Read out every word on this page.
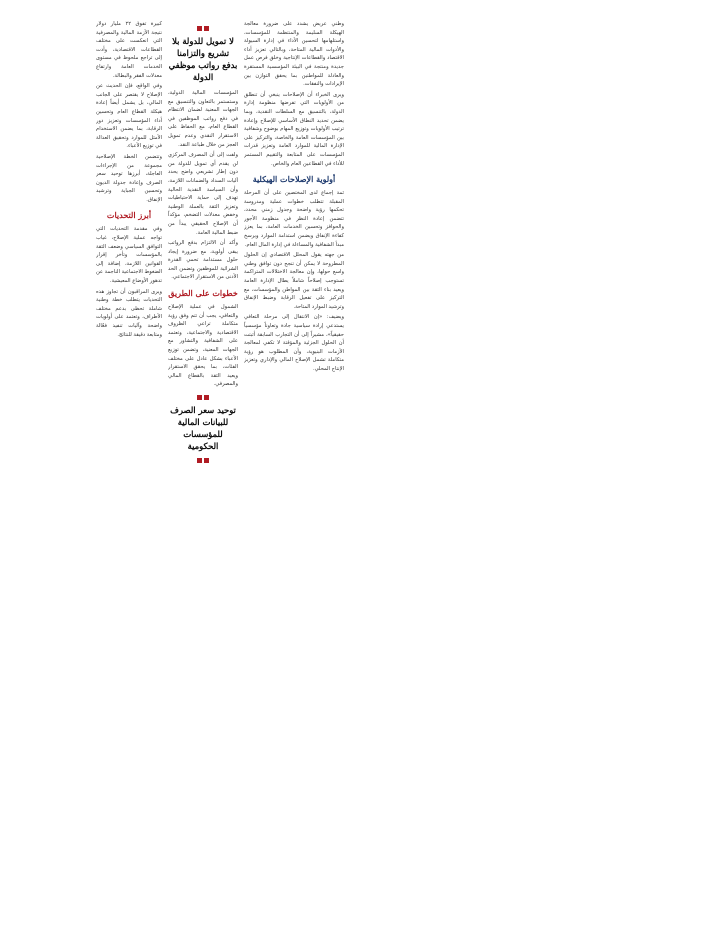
وطني عريض يشدد على ضرورة معالجة الهيكلة السليمة والمنتظمة للمؤسسات، واستلهامها لتحسين الأداء في إدارة السيولة والأدوات المالية المتاحة، وبالتالي تعزيز أداء الاقتصاد والقطاعات الإنتاجية وخلق فرص عمل جديدة ومنتجة في البيئة المؤسسية المستقرة والعادلة للمواطنين بما يحقق التوازن بين الإيرادات والنفقات.

ويرى الخبراء أن الإصلاحات ينبغي أن تنطلق من الأولويات التي تفرضها منظومة إدارة الدولة، بالتنسيق مع السلطات النقدية، وبما يضمن تحديد النطاق الأساسي للإصلاح وإعادة ترتيب الأولويات وتوزيع المهام بوضوح وشفافية بين المؤسسات العامة والخاصة، والتركيز على الإدارة المالية للموارد العامة وتعزيز قدرات المؤسسات على المتابعة والتقييم المستمر للأداء في القطاعين العام والخاص.

أولوية الإصلاحات الهيكلية

ثمة إجماع لدى المختصين على أن المرحلة المقبلة تتطلب خطوات عملية ومدروسة تحكمها رؤية واضحة وجدول زمني محدد، تتضمن إعادة النظر في منظومة الأجور والحوافز وتحسين الخدمات العامة، بما يعزز كفاءة الإنفاق ويضمن استدامة الموارد ويرسخ مبدأ الشفافية والمساءلة في إدارة المال العام.

من جهته يقول المحلل الاقتصادي إن الحلول المطروحة لا يمكن أن تنجح دون توافق وطني واسع حولها، وإن معالجة الاختلالات المتراكمة تستوجب إصلاحاً شاملاً يطال الإدارة العامة ويعيد بناء الثقة بين المواطن والمؤسسات، مع التركيز على تفعيل الرقابة وضبط الإنفاق وترشيد الموارد المتاحة.

ويضيف: «إن الانتقال إلى مرحلة التعافي يستدعي إرادة سياسية جادة وتعاوناً مؤسسياً حقيقياً»، مشيراً إلى أن التجارب السابقة أثبتت أن الحلول الجزئية والمؤقتة لا تكفي لمعالجة الأزمات البنيوية، وأن المطلوب هو رؤية متكاملة تشمل الإصلاح المالي والإداري وتعزيز الإنتاج المحلي.

لا تمويل للدولة بلا تشريع والتزامنا بدفع رواتب موظفي الدولة

المؤسسات المالية الدولية، وستستمر بالتعاون والتنسيق مع الجهات المعنية لضمان الانتظام في دفع رواتب الموظفين في القطاع العام، مع الحفاظ على الاستقرار النقدي وعدم تمويل العجز من خلال طباعة النقد.

ولفت إلى أن المصرف المركزي لن يقدم أي تمويل للدولة من دون إطار تشريعي واضح يحدد آليات السداد والضمانات اللازمة، وأن السياسة النقدية الحالية تهدف إلى حماية الاحتياطيات وتعزيز الثقة بالعملة الوطنية وخفض معدلات التضخم، مؤكداً أن الإصلاح الحقيقي يبدأ من ضبط المالية العامة.

وأكد أن الالتزام بدفع الرواتب يبقى أولوية، مع ضرورة إيجاد حلول مستدامة تحمي القدرة الشرائية للموظفين وتضمن الحد الأدنى من الاستقرار الاجتماعي.

خطوات على الطريق

الشمول في عملية الإصلاح والتعافي، يجب أن تتم وفق رؤية متكاملة تراعي الظروف الاقتصادية والاجتماعية، وتعتمد على الشفافية والتشاور مع الجهات المعنية، وتضمن توزيع الأعباء بشكل عادل على مختلف الفئات، بما يحقق الاستقرار ويعيد الثقة بالقطاع المالي والمصرفي.

توحيد سعر الصرف للبيانات المالية للمؤسسات الحكومية

كبيرة تفوق ٢٢ مليار دولار نتيجة الأزمة المالية والمصرفية التي انعكست على مختلف القطاعات الاقتصادية، وأدت إلى تراجع ملحوظ في مستوى الخدمات العامة وارتفاع معدلات الفقر والبطالة.

وفي الواقع، فإن الحديث عن الإصلاح لا يقتصر على الجانب المالي، بل يشمل أيضاً إعادة هيكلة القطاع العام وتحسين أداء المؤسسات وتعزيز دور الرقابة، بما يضمن الاستخدام الأمثل للموارد وتحقيق العدالة في توزيع الأعباء.

وتتضمن الخطة الإصلاحية مجموعة من الإجراءات العاجلة، أبرزها توحيد سعر الصرف وإعادة جدولة الديون وتحسين الجباية وترشيد الإنفاق.

أبرز التحديات

وفي مقدمة التحديات التي تواجه عملية الإصلاح، غياب التوافق السياسي وضعف الثقة بالمؤسسات وتأخر إقرار القوانين اللازمة، إضافة إلى الضغوط الاجتماعية الناجمة عن تدهور الأوضاع المعيشية.

ويرى المراقبون أن تجاوز هذه التحديات يتطلب خطة وطنية شاملة تحظى بدعم مختلف الأطراف، وتعتمد على أولويات واضحة وآليات تنفيذ فعّالة ومتابعة دقيقة للنتائج.
